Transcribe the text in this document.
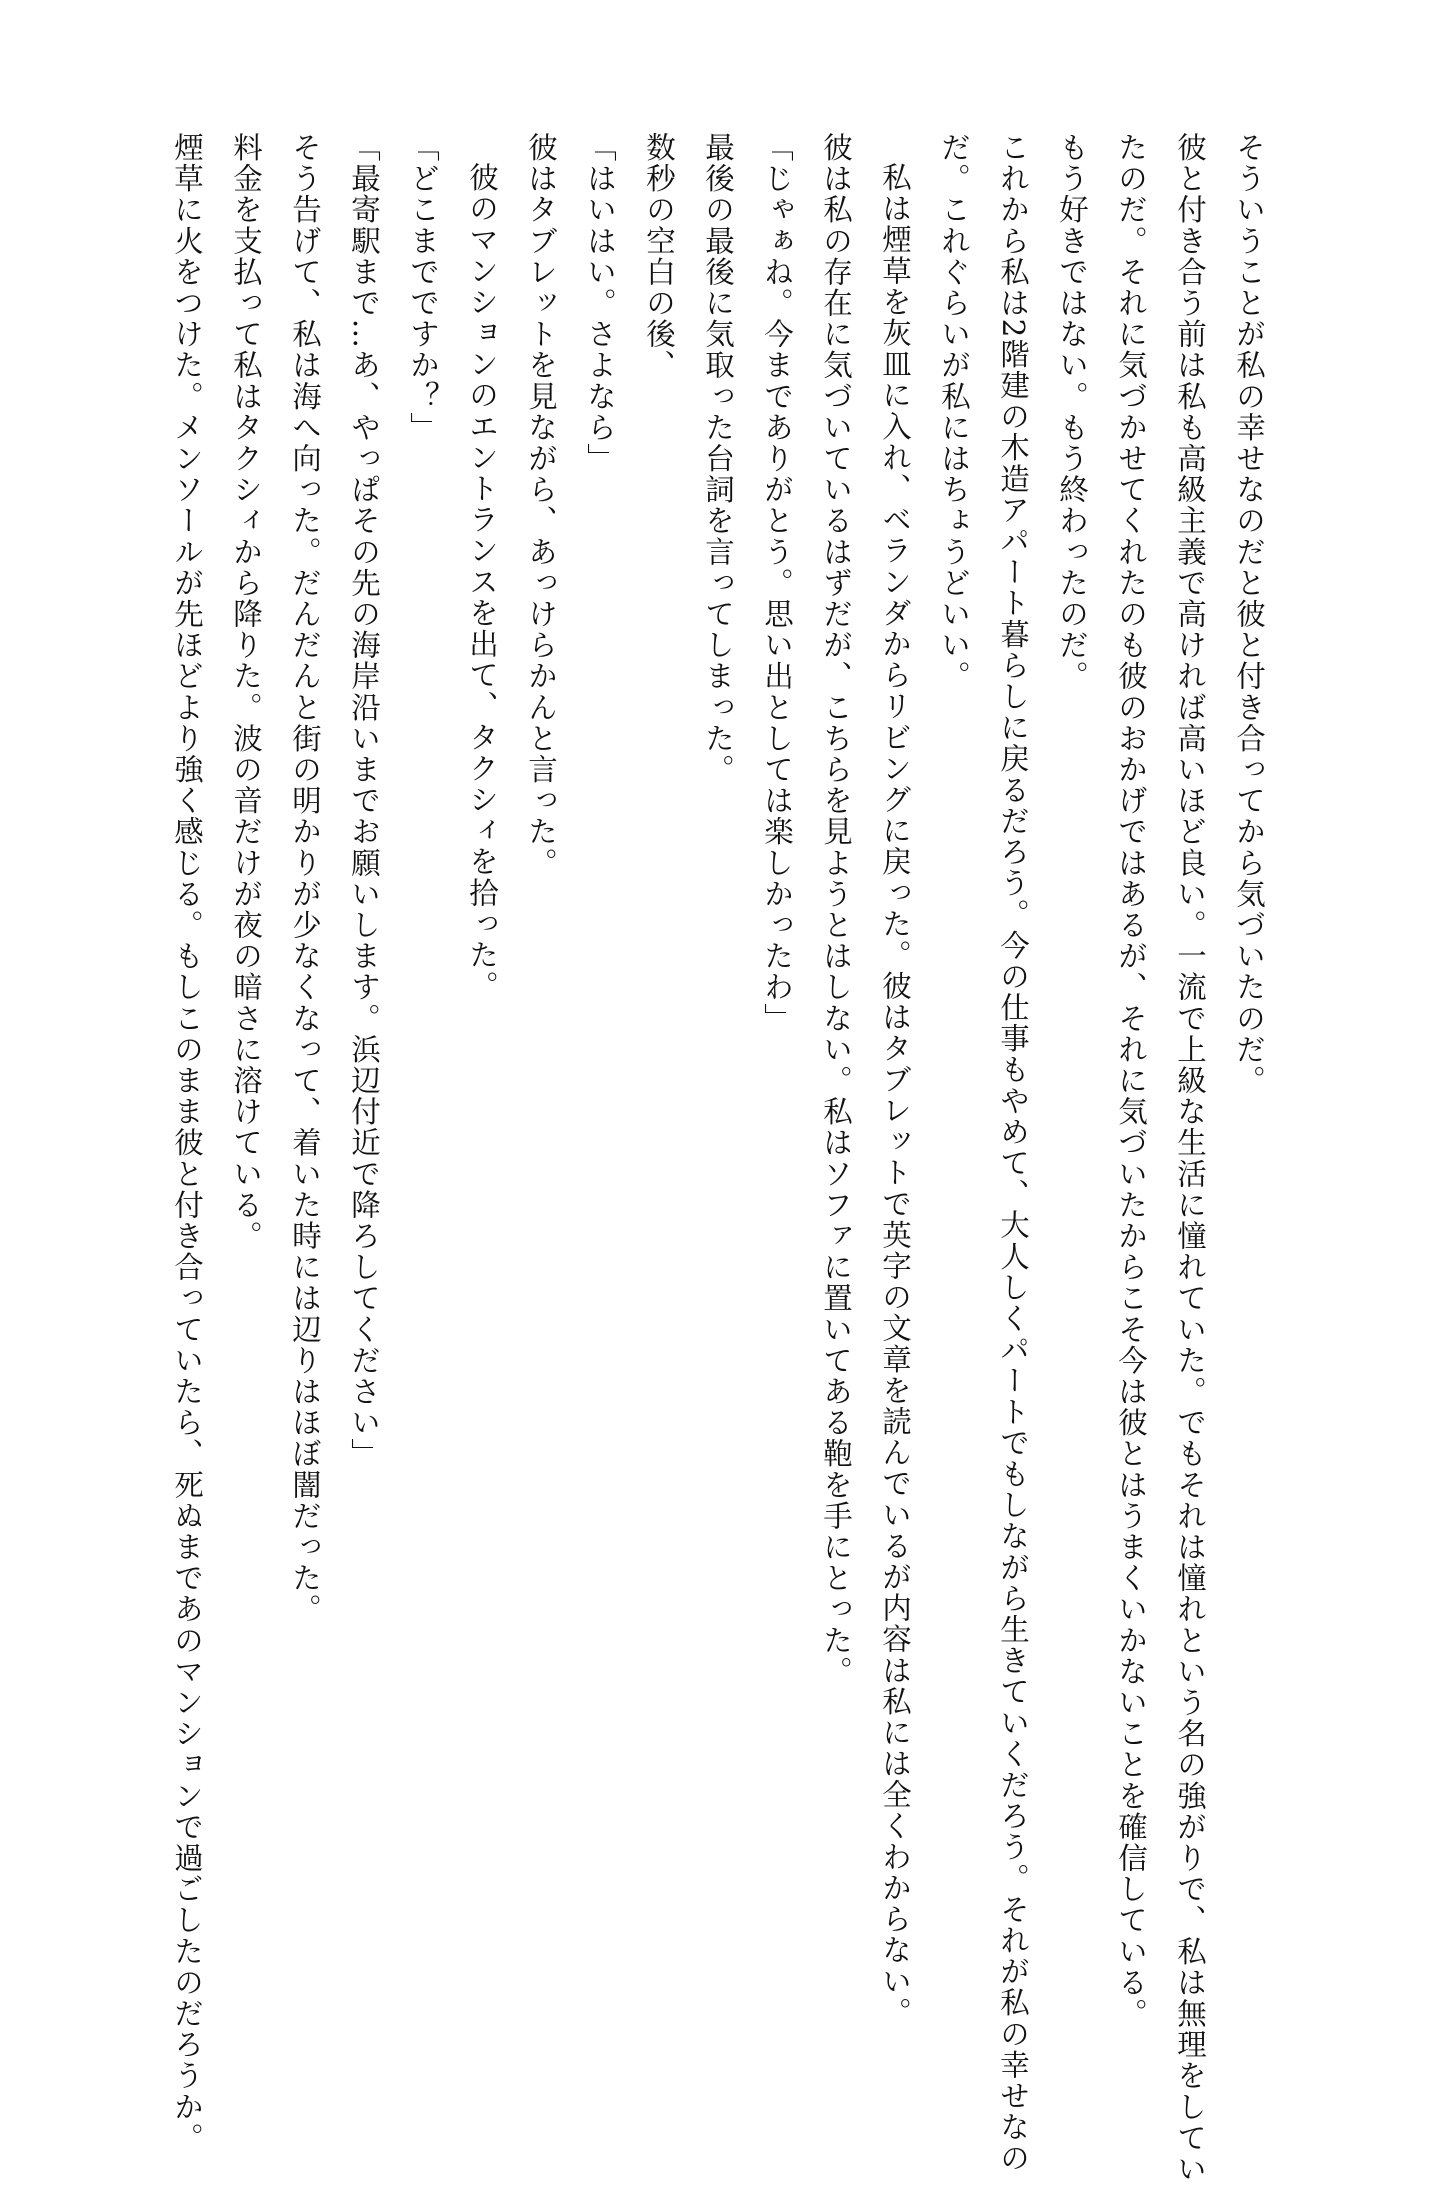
そういうことが私の幸せなのだと彼と付き合ってから気づいたのだ。
彼と付き合う前は私も高級主義で高ければ高いほど良い。一流で上級な生活に憧れていた。でもそれは憧れという名の強がりで、私は無理をしてい
たのだ。それに気づかせてくれたのも彼のおかげではあるが、それに気づいたからこそ今は彼とはうまくいかないことを確信している。
もう好きではない。もう終わったのだ。
これから私は2階建の木造アパート暮らしに戻るだろう。今の仕事もやめて、大人しくパートでもしながら生きていくだろう。それが私の幸せなの
だ。これぐらいが私にはちょうどいい。
私は煙草を灰皿に入れ、ベランダからリビングに戻った。彼はタブレットで英字の文章を読んでいるが内容は私には全くわからない。
彼は私の存在に気づいているはずだが、こちらを見ようとはしない。私はソファに置いてある鞄を手にとった。
「じゃぁね。今までありがとう。思い出としては楽しかったわ」
最後の最後に気取った台詞を言ってしまった。
数秒の空白の後、
「はいはい。さよなら」
彼はタブレットを見ながら、あっけらかんと言った。
彼のマンションのエントランスを出て、タクシィを拾った。
「どこまでですか？」
「最寄駅まで…あ、やっぱその先の海岸沿いまでお願いします。浜辺付近で降ろしてください」
そう告げて、私は海へ向った。だんだんと街の明かりが少なくなって、着いた時には辺りはほぼ闇だった。
料金を支払って私はタクシィから降りた。波の音だけが夜の暗さに溶けている。
煙草に火をつけた。メンソールが先ほどより強く感じる。もしこのまま彼と付き合っていたら、死ぬまであのマンションで過ごしたのだろうか。
